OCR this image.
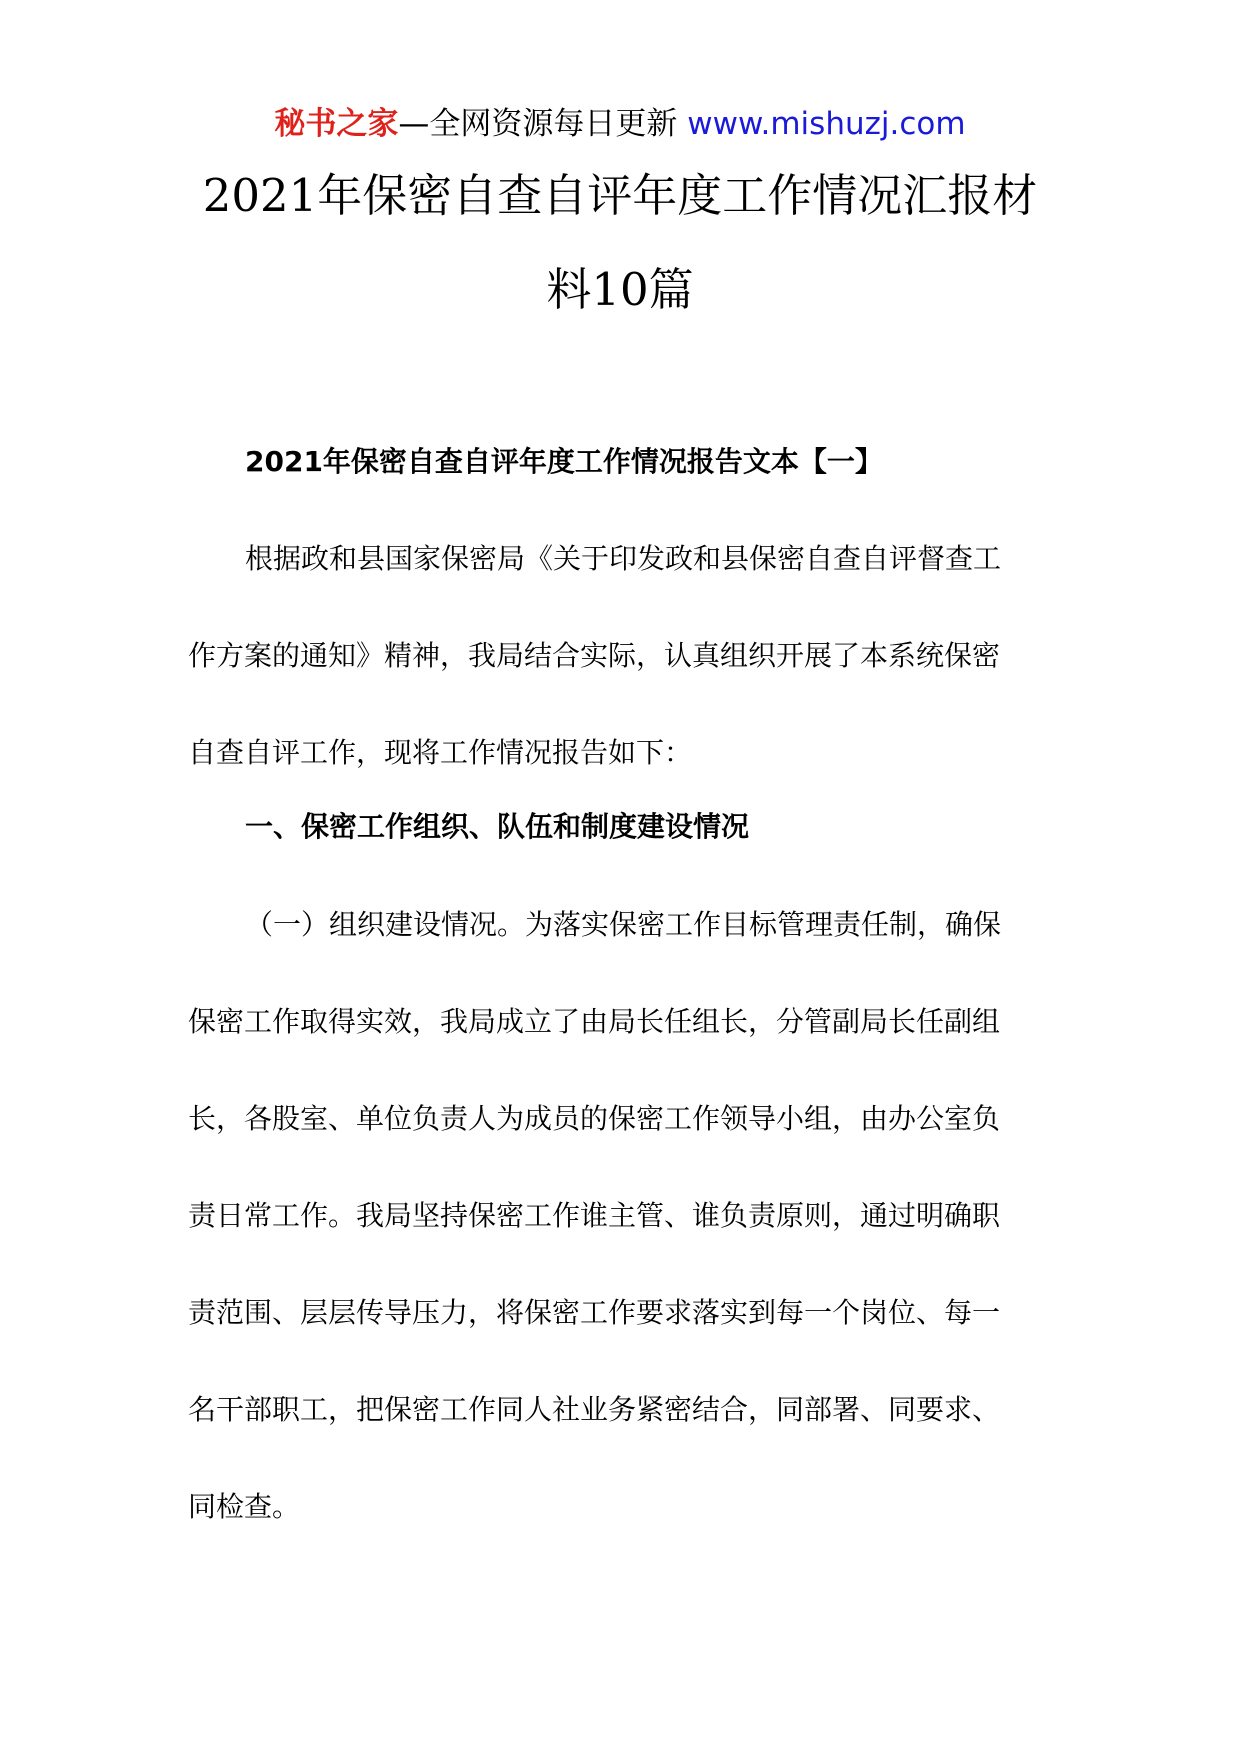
秘书之家—全网资源每日更新 www.mishuzj.com
2021年保密自查自评年度工作情况汇报材
料10篇
2021年保密自查自评年度工作情况报告文本【一】
根据政和县国家保密局《关于印发政和县保密自查自评督查工
作方案的通知》精神，我局结合实际，认真组织开展了本系统保密
自查自评工作，现将工作情况报告如下：
一、保密工作组织、队伍和制度建设情况
（一）组织建设情况。为落实保密工作目标管理责任制，确保
保密工作取得实效，我局成立了由局长任组长，分管副局长任副组
长，各股室、单位负责人为成员的保密工作领导小组，由办公室负
责日常工作。我局坚持保密工作谁主管、谁负责原则，通过明确职
责范围、层层传导压力，将保密工作要求落实到每一个岗位、每一
名干部职工，把保密工作同人社业务紧密结合，同部署、同要求、
同检查。
